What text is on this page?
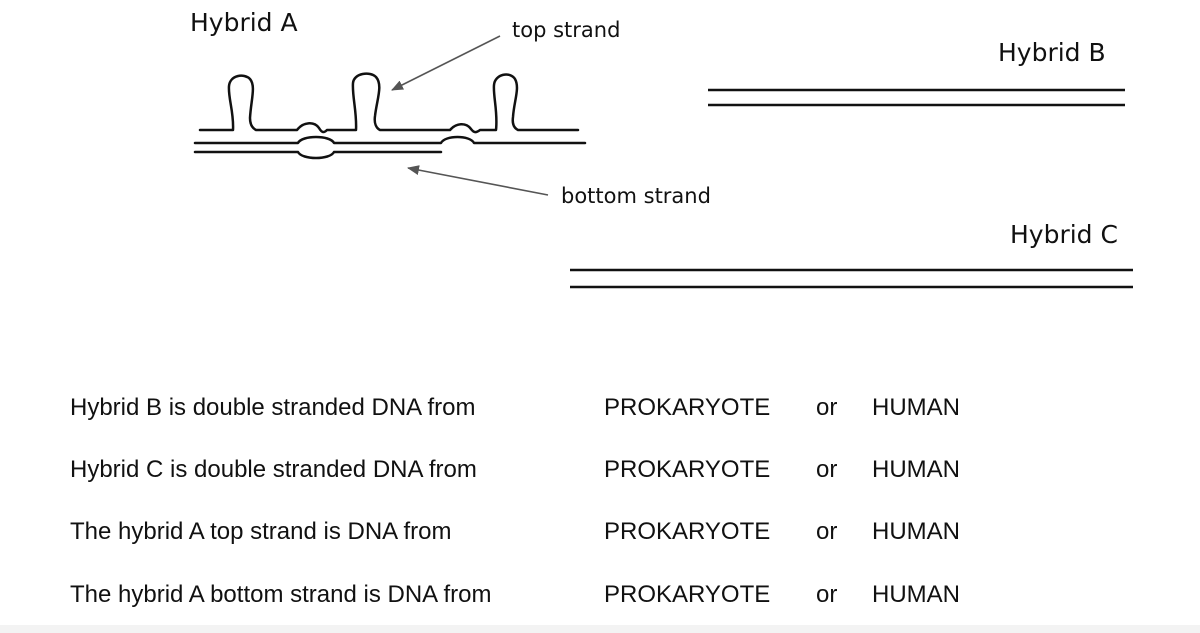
Hybrid A
Hybrid B
Hybrid C
top strand
bottom strand
Hybrid B is double stranded DNA from	PROKARYOTE or HUMAN
Hybrid C is double stranded DNA from	PROKARYOTE or HUMAN
The hybrid A top strand is DNA from	PROKARYOTE or HUMAN
The hybrid A bottom strand is DNA from	PROKARYOTE or HUMAN
